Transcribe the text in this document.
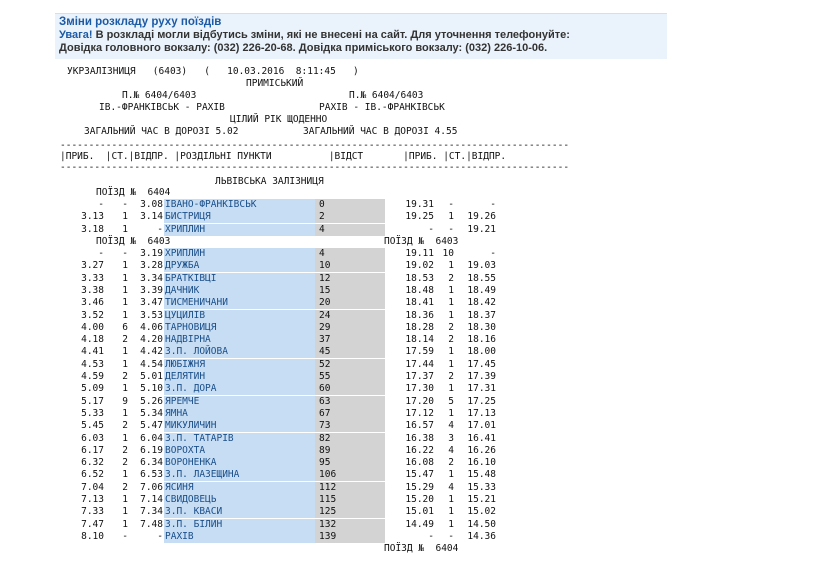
Зміни розкладу руху поїздів
Увага! В розкладі могли відбутись зміни, які не внесені на сайт. Для уточнення телефонуйте:
Довідка головного вокзалу: (032) 226-20-68. Довідка приміського вокзалу: (032) 226-10-06.
УКРЗАЛІЗНИЦЯ   (6403)   (   10.03.2016  8:11:45   )
ПРИМІСЬКИЙ
П.№ 6404/6403	П.№ 6404/6403
ІВ.-ФРАНКІВСЬК - РАХІВ	РАХІВ - ІВ.-ФРАНКІВСЬК
ЦІЛИЙ РІК ЩОДЕННО
ЗАГАЛЬНИЙ ЧАС В ДОРОЗІ 5.02	ЗАГАЛЬНИЙ ЧАС В ДОРОЗІ 4.55
-----------------------------------------------------------------------------------------
|ПРИБ.  |СТ.|ВІДПР. |РОЗДІЛЬНІ ПУНКТИ          |ВІДСТ       |ПРИБ. |СТ.|ВІДПР.
-----------------------------------------------------------------------------------------
ЛЬВІВСЬКА ЗАЛІЗНИЦЯ
ПОЇЗД №  6404
-	-	3.08 ІВАНО-ФРАНКІВСЬК	0	19.31	-	-
3.13	1	3.14 БИСТРИЦЯ	2	19.25	1	19.26
3.18	1	- ХРИПЛИН	4	-	-	19.21
ПОЇЗД №  6403	ПОЇЗД №  6403
-	-	3.19 ХРИПЛИН	4	19.11 10	-
3.27	1	3.28 ДРУЖБА	10	19.02	1	19.03
3.33	1	3.34 БРАТКІВЦІ	12	18.53	2	18.55
3.38	1	3.39 ДАЧНИК	15	18.48	1	18.49
3.46	1	3.47 ТИСМЕНИЧАНИ	20	18.41	1	18.42
3.52	1	3.53 ЦУЦИЛІВ	24	18.36	1	18.37
4.00	6	4.06 ТАРНОВИЦЯ	29	18.28	2	18.30
4.18	2	4.20 НАДВІРНА	37	18.14	2	18.16
4.41	1	4.42 З.П. ЛОЙОВА	45	17.59	1	18.00
4.53	1	4.54 ЛЮБІЖНЯ	52	17.44	1	17.45
4.59	2	5.01 ДЕЛЯТИН	55	17.37	2	17.39
5.09	1	5.10 З.П. ДОРА	60	17.30	1	17.31
5.17	9	5.26 ЯРЕМЧЕ	63	17.20	5	17.25
5.33	1	5.34 ЯМНА	67	17.12	1	17.13
5.45	2	5.47 МИКУЛИЧИН	73	16.57	4	17.01
6.03	1	6.04 З.П. ТАТАРІВ	82	16.38	3	16.41
6.17	2	6.19 ВОРОХТА	89	16.22	4	16.26
6.32	2	6.34 ВОРОНЕНКА	95	16.08	2	16.10
6.52	1	6.53 З.П. ЛАЗЕЩИНА	106	15.47	1	15.48
7.04	2	7.06 ЯСИНЯ	112	15.29	4	15.33
7.13	1	7.14 СВИДОВЕЦЬ	115	15.20	1	15.21
7.33	1	7.34 З.П. КВАСИ	125	15.01	1	15.02
7.47	1	7.48 З.П. БІЛИН	132	14.49	1	14.50
8.10	-	- РАХІВ	139	-	-	14.36
ПОЇЗД №  6404
